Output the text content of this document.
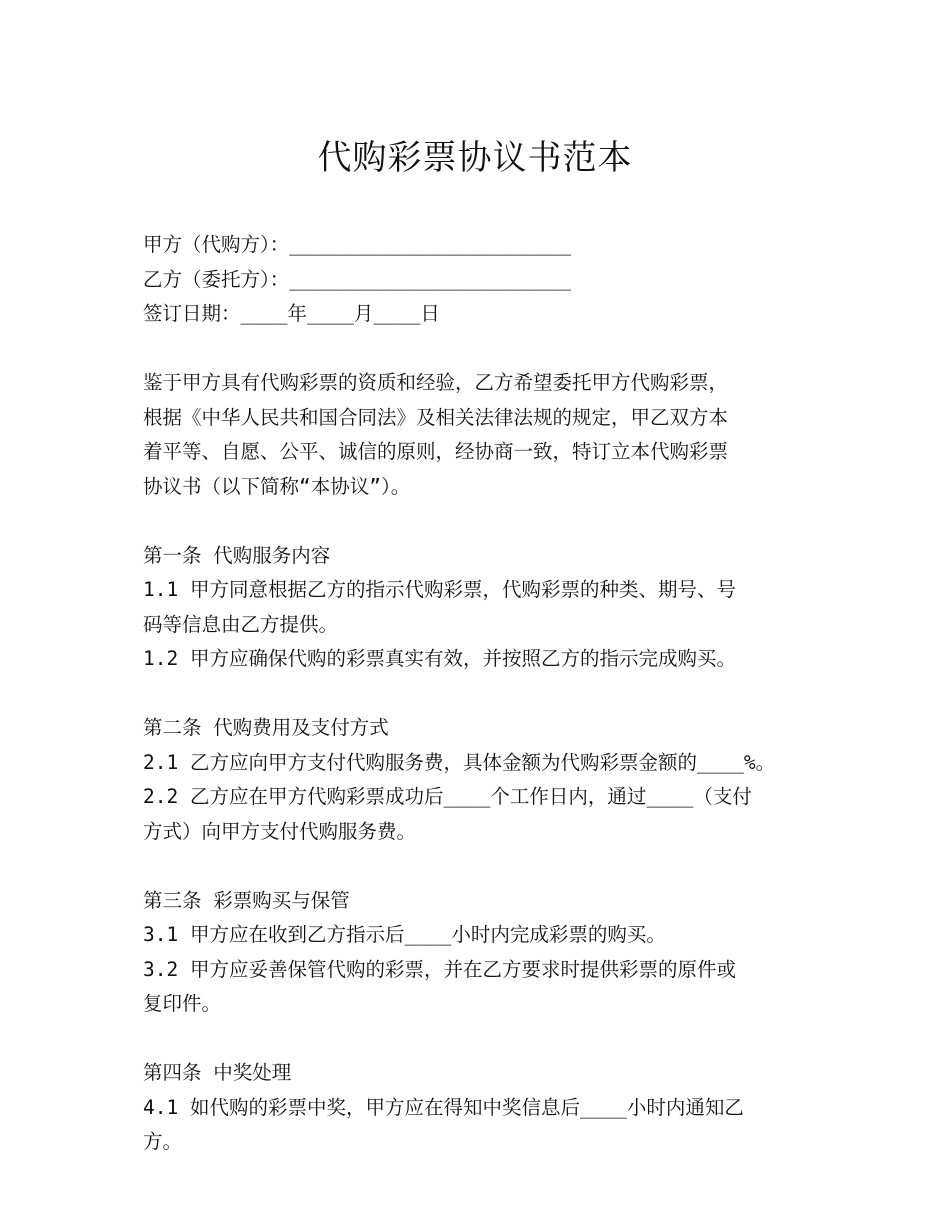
代购彩票协议书范本
甲方（代购方）：________________________
乙方（委托方）：________________________
签订日期：____年____月____日
鉴于甲方具有代购彩票的资质和经验，乙方希望委托甲方代购彩票，
根据《中华人民共和国合同法》及相关法律法规的规定，甲乙双方本
着平等、自愿、公平、诚信的原则，经协商一致，特订立本代购彩票
协议书（以下简称“本协议”）。
第一条 代购服务内容
1.1 甲方同意根据乙方的指示代购彩票，代购彩票的种类、期号、号
码等信息由乙方提供。
1.2 甲方应确保代购的彩票真实有效，并按照乙方的指示完成购买。
第二条 代购费用及支付方式
2.1 乙方应向甲方支付代购服务费，具体金额为代购彩票金额的____%。
2.2 乙方应在甲方代购彩票成功后____个工作日内，通过____（支付
方式）向甲方支付代购服务费。
第三条 彩票购买与保管
3.1 甲方应在收到乙方指示后____小时内完成彩票的购买。
3.2 甲方应妥善保管代购的彩票，并在乙方要求时提供彩票的原件或
复印件。
第四条 中奖处理
4.1 如代购的彩票中奖，甲方应在得知中奖信息后____小时内通知乙
方。
